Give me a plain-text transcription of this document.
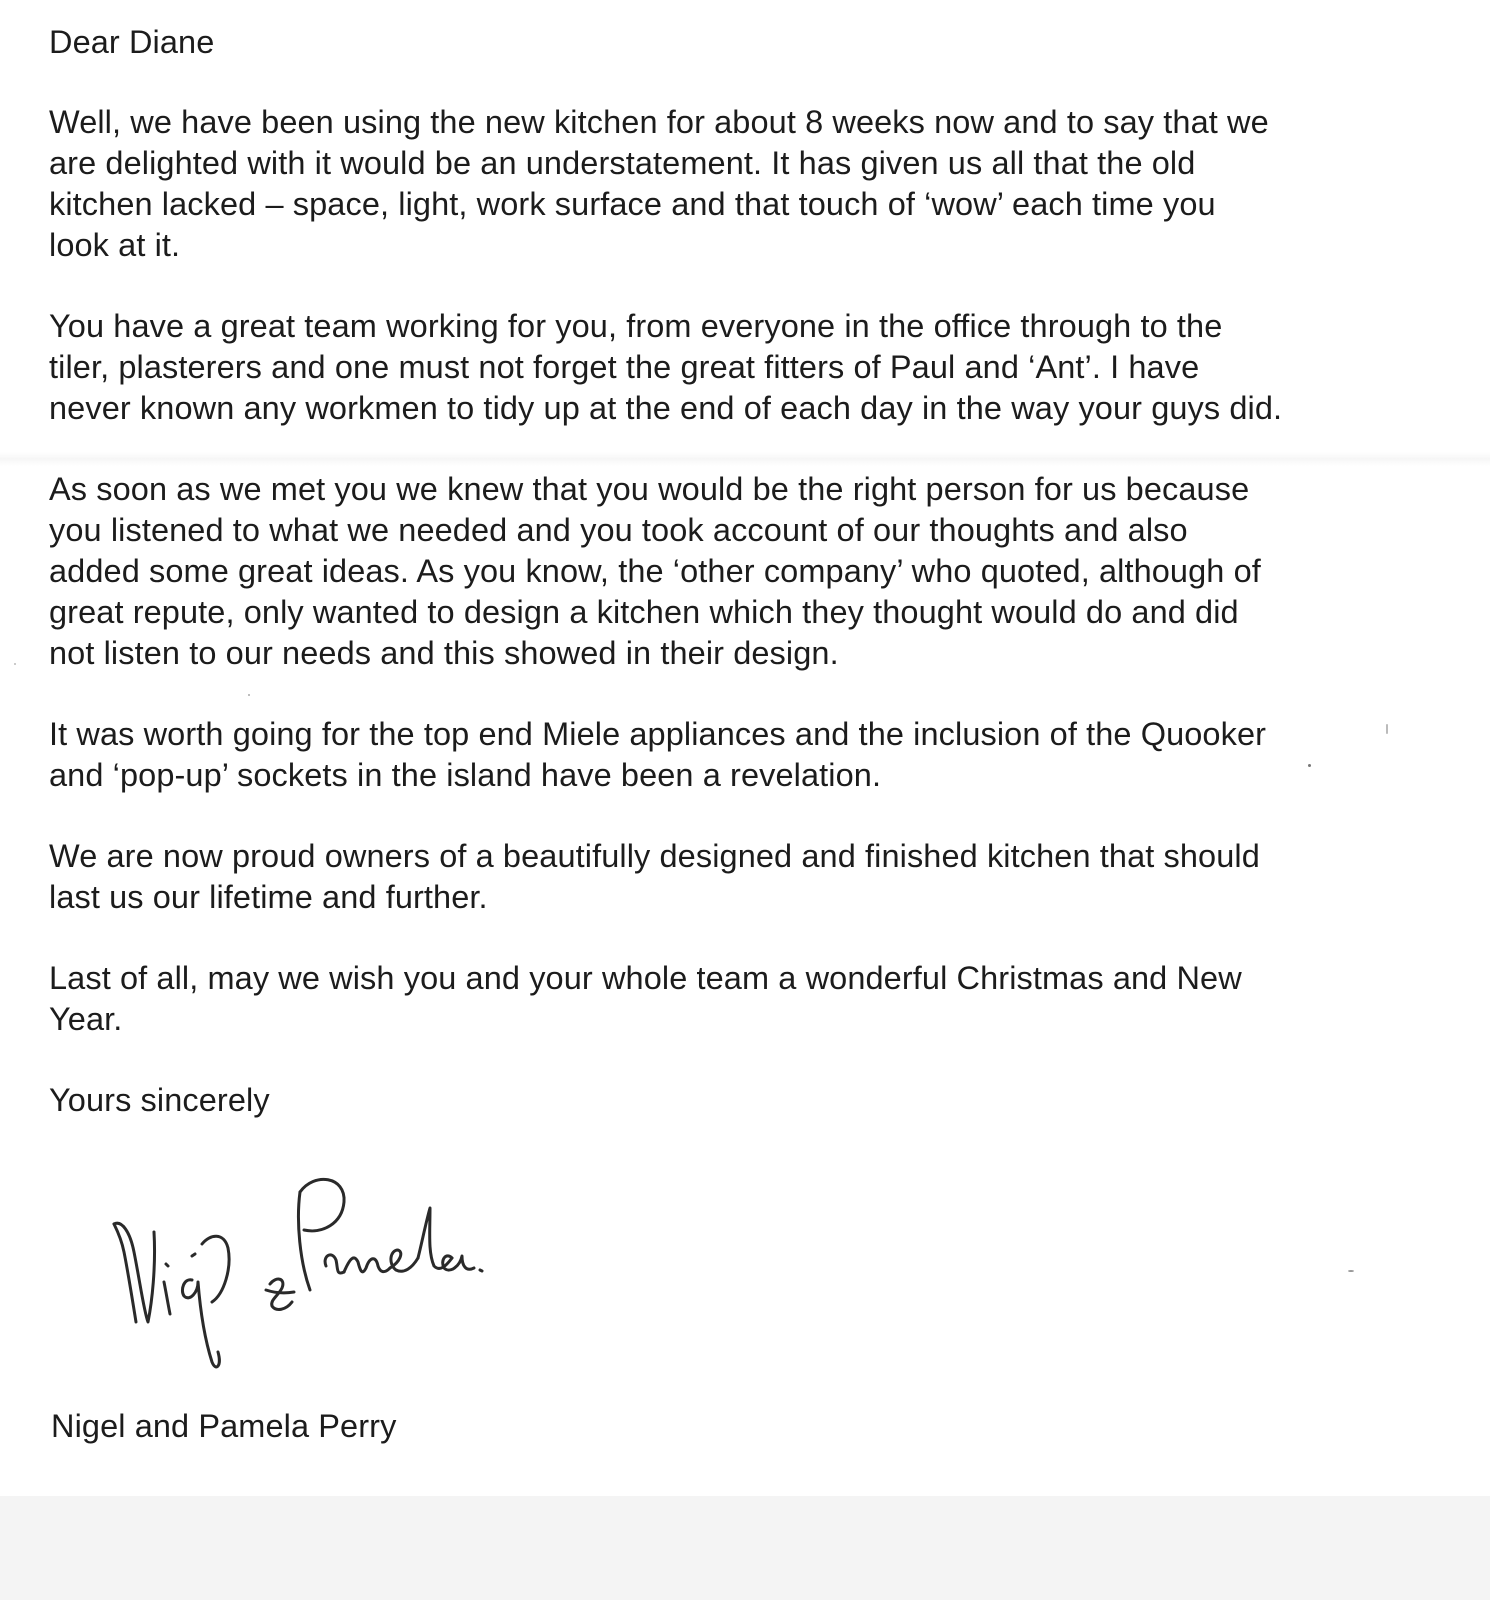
Dear Diane

Well, we have been using the new kitchen for about 8 weeks now and to say that we

are delighted with it would be an understatement. It has given us all that the old

kitchen lacked – space, light, work surface and that touch of ‘wow’ each time you

look at it.

You have a great team working for you, from everyone in the office through to the

tiler, plasterers and one must not forget the great fitters of Paul and ‘Ant’. I have

never known any workmen to tidy up at the end of each day in the way your guys did.

As soon as we met you we knew that you would be the right person for us because

you listened to what we needed and you took account of our thoughts and also

added some great ideas. As you know, the ‘other company’ who quoted, although of

great repute, only wanted to design a kitchen which they thought would do and did

not listen to our needs and this showed in their design.

It was worth going for the top end Miele appliances and the inclusion of the Quooker

and ‘pop-up’ sockets in the island have been a revelation.

We are now proud owners of a beautifully designed and finished kitchen that should

last us our lifetime and further.

Last of all, may we wish you and your whole team a wonderful Christmas and New

Year.

Yours sincerely

Nigel and Pamela Perry
